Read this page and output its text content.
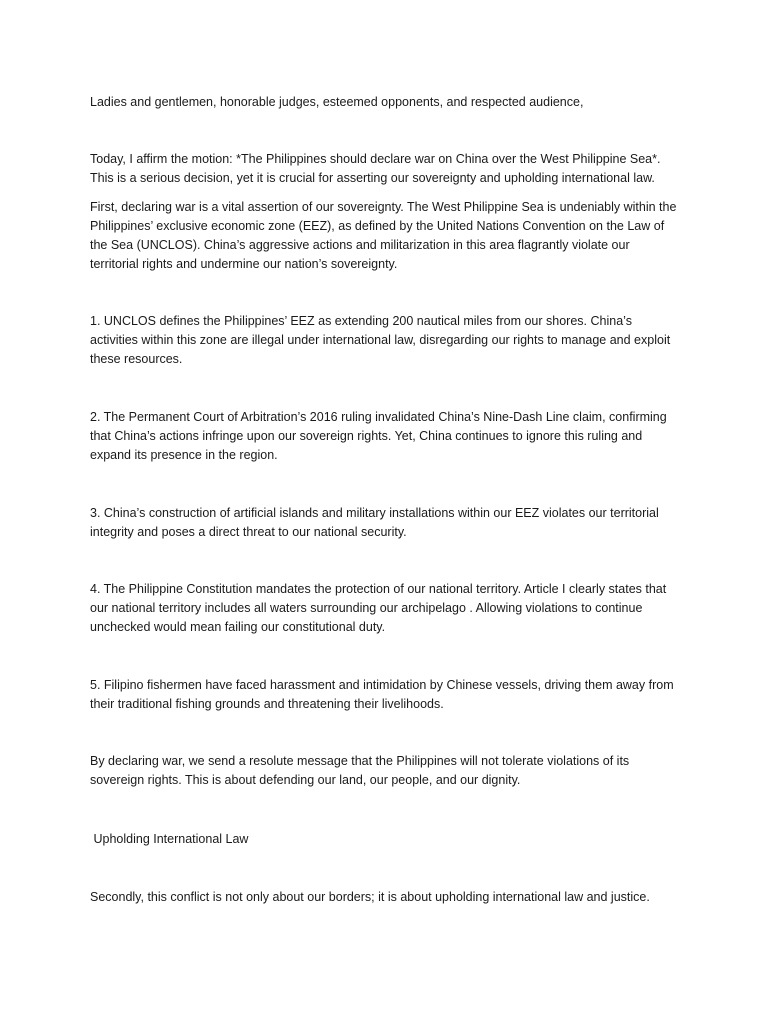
Ladies and gentlemen, honorable judges, esteemed opponents, and respected audience,

Today, I affirm the motion: *The Philippines should declare war on China over the West Philippine Sea*. This is a serious decision, yet it is crucial for asserting our sovereignty and upholding international law.

First, declaring war is a vital assertion of our sovereignty. The West Philippine Sea is undeniably within the Philippines’ exclusive economic zone (EEZ), as defined by the United Nations Convention on the Law of the Sea (UNCLOS). China’s aggressive actions and militarization in this area flagrantly violate our territorial rights and undermine our nation’s sovereignty.

1. UNCLOS defines the Philippines’ EEZ as extending 200 nautical miles from our shores. China’s activities within this zone are illegal under international law, disregarding our rights to manage and exploit these resources.

2. The Permanent Court of Arbitration’s 2016 ruling invalidated China’s Nine-Dash Line claim, confirming that China’s actions infringe upon our sovereign rights. Yet, China continues to ignore this ruling and expand its presence in the region.

3. China’s construction of artificial islands and military installations within our EEZ violates our territorial integrity and poses a direct threat to our national security.

4. The Philippine Constitution mandates the protection of our national territory. Article I clearly states that our national territory includes all waters surrounding our archipelago . Allowing violations to continue unchecked would mean failing our constitutional duty.

5. Filipino fishermen have faced harassment and intimidation by Chinese vessels, driving them away from their traditional fishing grounds and threatening their livelihoods.

By declaring war, we send a resolute message that the Philippines will not tolerate violations of its sovereign rights. This is about defending our land, our people, and our dignity.

Upholding International Law

Secondly, this conflict is not only about our borders; it is about upholding international law and justice.
